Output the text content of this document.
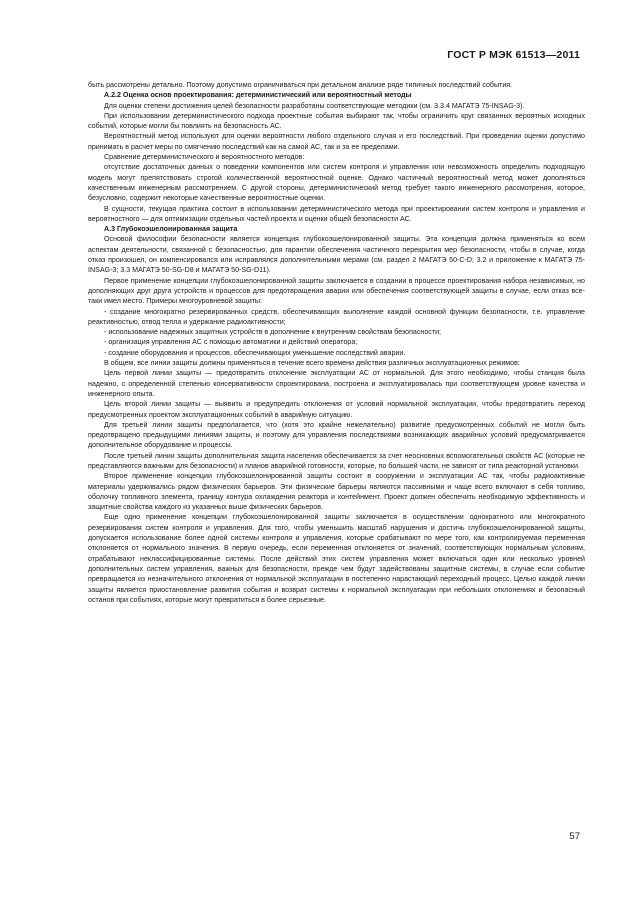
ГОСТ Р МЭК 61513—2011

быть рассмотрены детально. Поэтому допустимо ограничиваться при детальном анализе ряде типичных последствий события.

А.2.2 Оценка основ проектирования: детерминистический или вероятностный методы

Для оценки степени достижения целей безопасности разработаны соответствующие методики (см. 3.3.4 МАГАТЭ 75-INSAG-3).

При использовании детерминистического подхода проектные события выбирают так, чтобы ограничить круг связанных вероятных исходных событий, которые могли бы повлиять на безопасность АС.

Вероятностный метод используют для оценки вероятности любого отдельного случая и его последствий. При проведении оценки допустимо принимать в расчет меры по смягчению последствий как на самой АС, так и за ее пределами.

Сравнение детерминистического и вероятностного методов:

отсутствие достаточных данных о поведении компонентов или систем контроля и управления или невозможность определить подходящую модель могут препятствовать строгой количественной вероятностной оценке. Однако частичный вероятностный метод может дополняться качественным инженерным рассмотрением. С другой стороны, детерминистический метод требует такого инженерного рассмотрения, которое, безусловно, содержит некоторые качественные вероятностные оценки.

В сущности, текущая практика состоит в использовании детерминистического метода при проектировании систем контроля и управления и вероятностного — для оптимизации отдельных частей проекта и оценки общей безопасности АС.

А.3 Глубокоэшелонированная защита

Основой философии безопасности является концепция глубокоэшелонированной защиты. Эта концепция должна применяться ко всем аспектам деятельности, связанной с безопасностью, для гарантии обеспечения частичного перекрытия мер безопасности, чтобы в случае, когда отказ произошел, он компенсировался или исправлялся дополнительными мерами (см. раздел 2 МАГАТЭ 50-C-D; 3.2 и приложение к МАГАТЭ 75-INSAG-3; 3.3 МАГАТЭ 50-SG-D8 и МАГАТЭ 50-SG-D11).

Первое применение концепции глубокоэшелонированной защиты заключается в создании в процессе проектирования набора независимых, но дополняющих друг друга устройств и процессов для предотвращения аварии или обеспечения соответствующей защиты в случае, если отказ все-таки имел место. Примеры многоуровневой защиты:

- создание многократно резервированных средств, обеспечивающих выполнение каждой основной функции безопасности, т.е. управление реактивностью, отвод тепла и удержание радиоактивности;

- использование надежных защитных устройств в дополнение к внутренним свойствам безопасности;

- организация управления АС с помощью автоматики и действий оператора;

- создание оборудования и процессов, обеспечивающих уменьшение последствий аварии.

В общем, все линии защиты должны применяться в течение всего времени действия различных эксплуатационных режимов:

Цель первой линии защиты — предотвратить отклонение эксплуатации АС от нормальной. Для этого необходимо, чтобы станция была надежно, с определенной степенью консервативности спроектирована, построена и эксплуатировалась при соответствующем уровне качества и инженерного опыта.

Цель второй линии защиты — выявить и предупредить отклонения от условий нормальной эксплуатации, чтобы предотвратить переход предусмотренных проектом эксплуатационных событий в аварийную ситуацию.

Для третьей линии защиты предполагается, что (хотя это крайне нежелательно) развитие предусмотренных событий не могли быть предотвращено предыдущими линиями защиты, и поэтому для управления последствиями возникающих аварийных условий предусматривается дополнительное оборудование и процессы.

После третьей линии защиты дополнительная защита населения обеспечивается за счет неосновных вспомогательных свойств АС (которые не представляются важными для безопасности) и планов аварийной готовности, которые, по большей части, не зависят от типа реакторной установки.

Второе применение концепции глубокоэшелонированной защиты состоит в сооружении и эксплуатации АС так, чтобы радиоактивные материалы удерживались рядом физических барьеров. Эти физические барьеры являются пассивными и чаще всего включают в себя топливо, оболочку топливного элемента, границу контура охлаждения реактора и контейнмент. Проект должен обеспечить необходимую эффективность и защитные свойства каждого из указанных выше физических барьеров.

Еще одно применение концепции глубокоэшелонированной защиты заключается в осуществлении однократного или многократного резервирования систем контроля и управления. Для того, чтобы уменьшить масштаб нарушения и достичь глубокоэшелонированной защиты, допускается использование более одной системы контроля и управления, которые срабатывают по мере того, как контролируемая переменная отклоняется от нормального значения. В первую очередь, если переменная отклоняется от значений, соответствующих нормальным условиям, отрабатывают неклассифицированные системы. После действий этих систем управления может включаться один или несколько уровней дополнительных систем управления, важных для безопасности, прежде чем будут задействованы защитные системы, в случае если событие превращается из незначительного отклонения от нормальной эксплуатации в постепенно нарастающий переходный процесс. Целью каждой линии защиты является приостановление развития события и возврат системы к нормальной эксплуатации при небольших отклонениях и безопасный останов при событиях, которые могут превратиться в более серьезные.

57
